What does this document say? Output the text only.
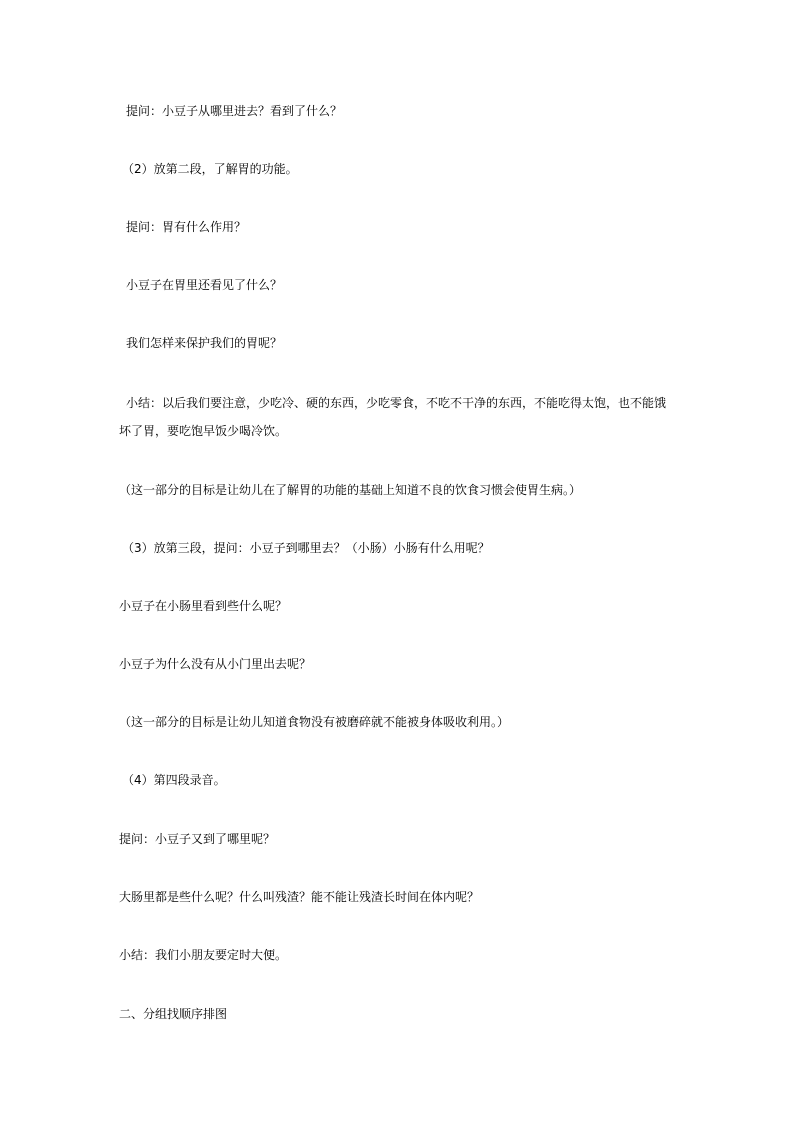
提问：小豆子从哪里进去？看到了什么？

（2）放第二段，了解胃的功能。

提问：胃有什么作用？

小豆子在胃里还看见了什么？

我们怎样来保护我们的胃呢？

小结：以后我们要注意，少吃冷、硬的东西，少吃零食，不吃不干净的东西，不能吃得太饱，也不能饿

坏了胃，要吃饱早饭少喝冷饮。

（这一部分的目标是让幼儿在了解胃的功能的基础上知道不良的饮食习惯会使胃生病。）

（3）放第三段，提问：小豆子到哪里去？（小肠）小肠有什么用呢？

小豆子在小肠里看到些什么呢？

小豆子为什么没有从小门里出去呢？

（这一部分的目标是让幼儿知道食物没有被磨碎就不能被身体吸收利用。）

（4）第四段录音。

提问：小豆子又到了哪里呢？

大肠里都是些什么呢？什么叫残渣？能不能让残渣长时间在体内呢？

小结：我们小朋友要定时大便。

二、分组找顺序排图
